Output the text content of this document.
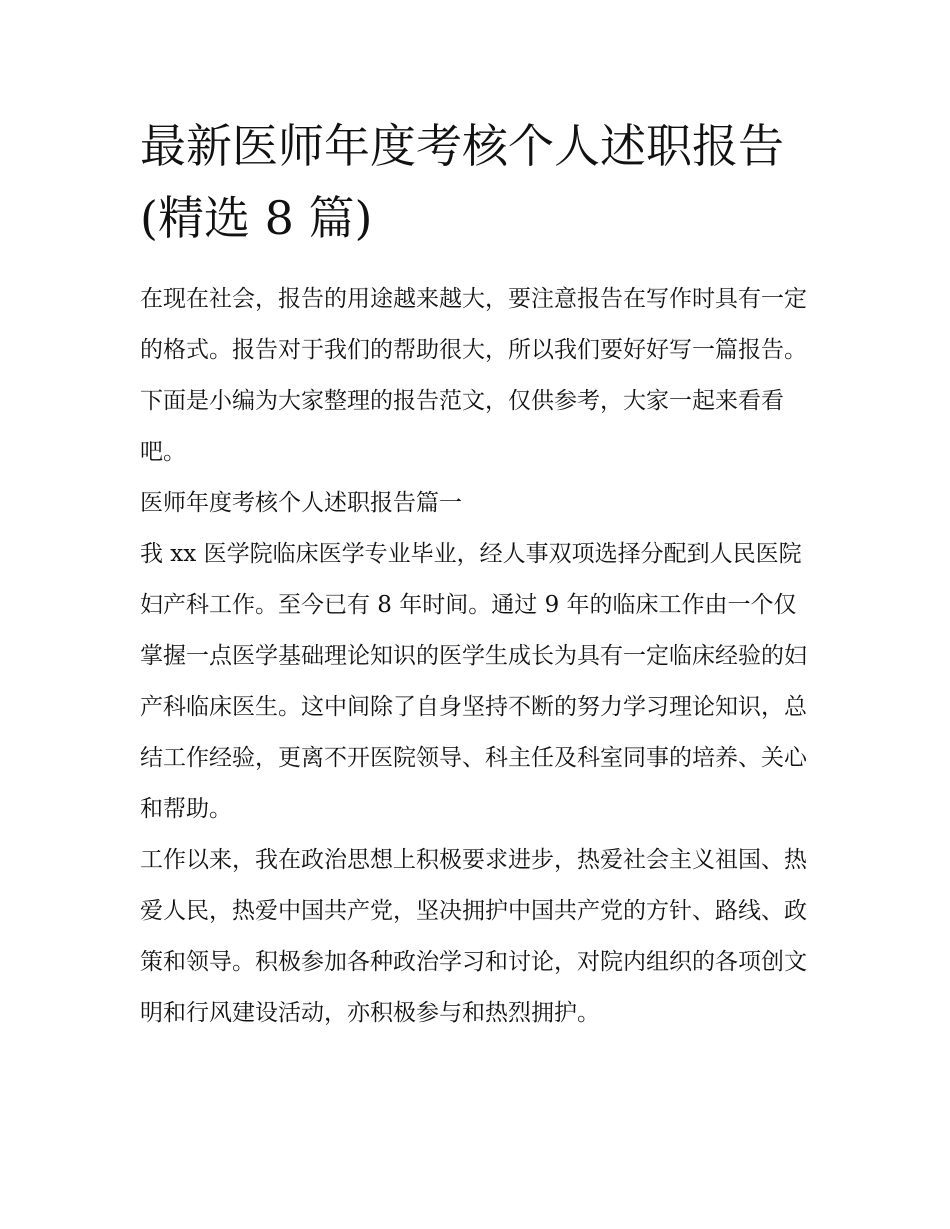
最新医师年度考核个人述职报告(精选 8 篇)

在现在社会，报告的用途越来越大，要注意报告在写作时具有一定的格式。报告对于我们的帮助很大，所以我们要好好写一篇报告。下面是小编为大家整理的报告范文，仅供参考，大家一起来看看吧。

医师年度考核个人述职报告篇一

我 xx 医学院临床医学专业毕业，经人事双项选择分配到人民医院妇产科工作。至今已有 8 年时间。通过 9 年的临床工作由一个仅掌握一点医学基础理论知识的医学生成长为具有一定临床经验的妇产科临床医生。这中间除了自身坚持不断的努力学习理论知识，总结工作经验，更离不开医院领导、科主任及科室同事的培养、关心和帮助。

工作以来，我在政治思想上积极要求进步，热爱社会主义祖国、热爱人民，热爱中国共产党，坚决拥护中国共产党的方针、路线、政策和领导。积极参加各种政治学习和讨论，对院内组织的各项创文明和行风建设活动，亦积极参与和热烈拥护。
